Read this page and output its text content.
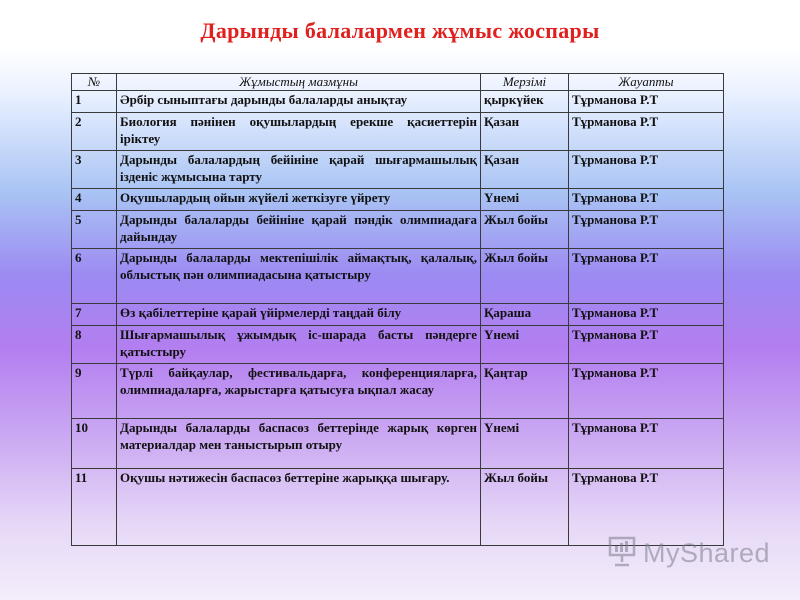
Дарынды балалармен жұмыс жоспары
№	Жұмыстың мазмұны	Мерзімі	Жауапты
1	Әрбір сыныптағы дарынды балаларды анықтау	қыркүйек	Тұрманова Р.Т
2	Биология пәнінен оқушылардың ерекше қасиеттерін іріктеу	Қазан	Тұрманова Р.Т
3	Дарынды балалардың бейініне қарай шығармашылық ізденіс жұмысына тарту	Қазан	Тұрманова Р.Т
4	Оқушылардың ойын жүйелі жеткізуге үйрету	Үнемі	Тұрманова Р.Т
5	Дарынды балаларды бейініне қарай пәндік олимпиадаға дайындау	Жыл бойы	Тұрманова Р.Т
6	Дарынды балаларды мектепішілік аймақтық, қалалық, облыстық пән олимпиадасына қатыстыру	Жыл бойы	Тұрманова Р.Т
7	Өз қабілеттеріне қарай үйірмелерді таңдай білу	Қараша	Тұрманова Р.Т
8	Шығармашылық ұжымдық іс-шарада басты пәндерге қатыстыру	Үнемі	Тұрманова Р.Т
9	Түрлі байқаулар, фестивальдарға, конференцияларға, олимпиадаларға, жарыстарға қатысуға ықпал жасау	Қаңтар	Тұрманова Р.Т
10	Дарынды балаларды баспасөз беттерінде жарық көрген материалдар мен таныстырып отыру	Үнемі	Тұрманова Р.Т
11	Оқушы нәтижесін баспасөз беттеріне жарыққа шығару.	Жыл бойы	Тұрманова Р.Т
MyShared
